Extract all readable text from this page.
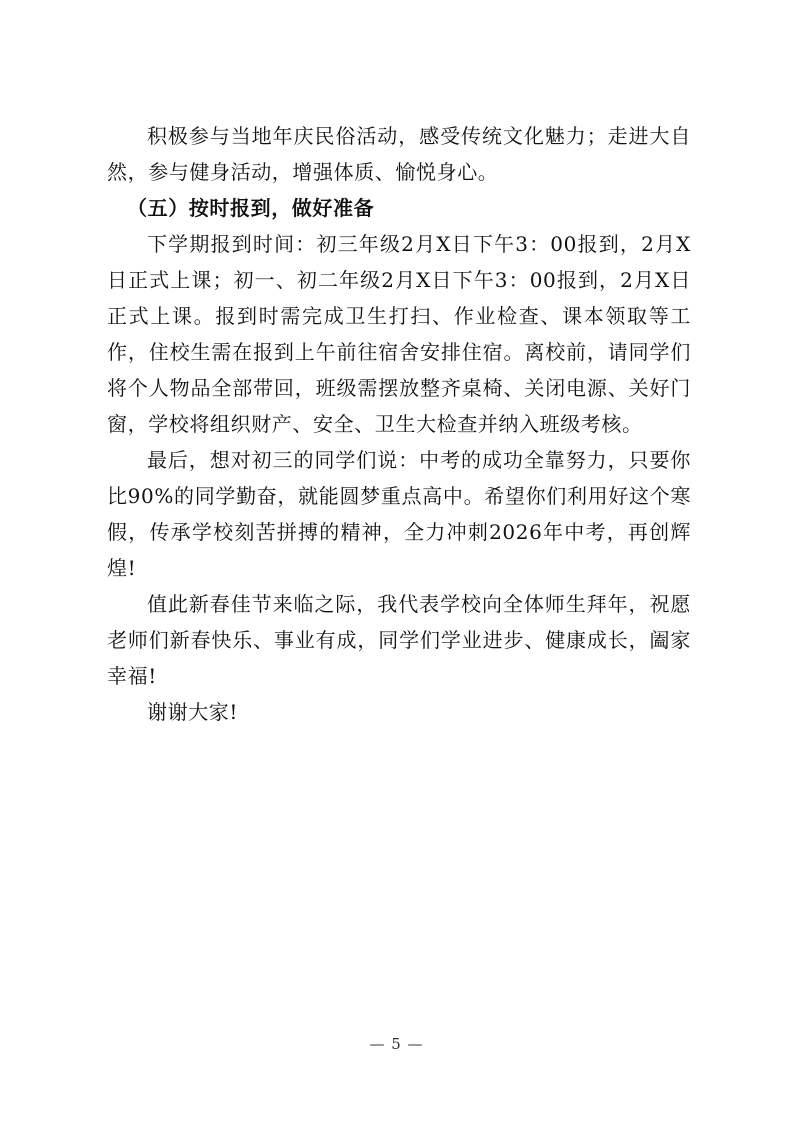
积极参与当地年庆民俗活动，感受传统文化魅力；走进大自然，参与健身活动，增强体质、愉悦身心。

（五）按时报到，做好准备

下学期报到时间：初三年级2月X日下午3：00报到，2月X日正式上课；初一、初二年级2月X日下午3：00报到，2月X日正式上课。报到时需完成卫生打扫、作业检查、课本领取等工作，住校生需在报到上午前往宿舍安排住宿。离校前，请同学们将个人物品全部带回，班级需摆放整齐桌椅、关闭电源、关好门窗，学校将组织财产、安全、卫生大检查并纳入班级考核。

最后，想对初三的同学们说：中考的成功全靠努力，只要你比90%的同学勤奋，就能圆梦重点高中。希望你们利用好这个寒假，传承学校刻苦拼搏的精神，全力冲刺2026年中考，再创辉煌!

值此新春佳节来临之际，我代表学校向全体师生拜年，祝愿老师们新春快乐、事业有成，同学们学业进步、健康成长，阖家幸福!

谢谢大家!

— 5 —
